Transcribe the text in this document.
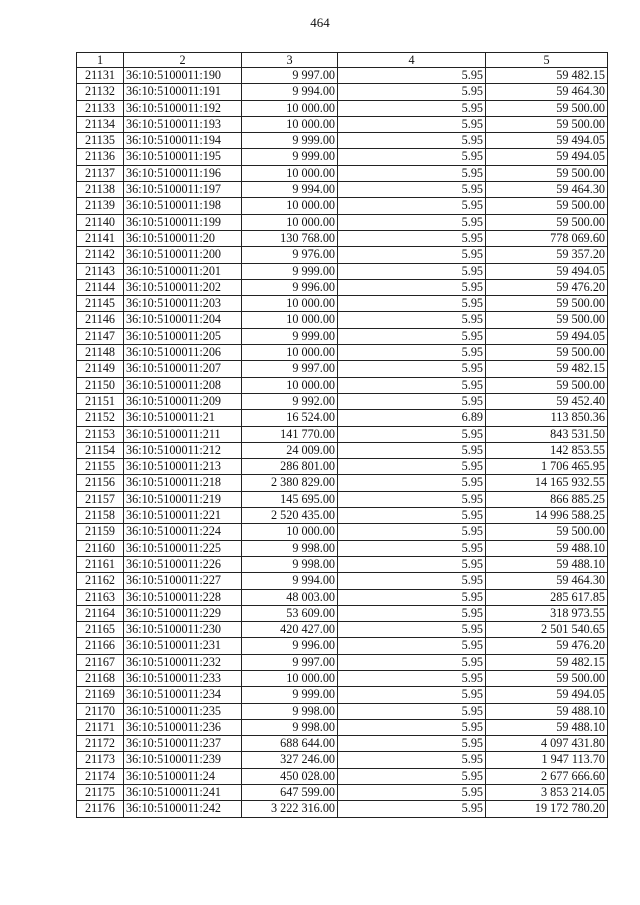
464
1	2	3	4	5
21131	36:10:5100011:190	9 997.00	5.95	59 482.15
21132	36:10:5100011:191	9 994.00	5.95	59 464.30
21133	36:10:5100011:192	10 000.00	5.95	59 500.00
21134	36:10:5100011:193	10 000.00	5.95	59 500.00
21135	36:10:5100011:194	9 999.00	5.95	59 494.05
21136	36:10:5100011:195	9 999.00	5.95	59 494.05
21137	36:10:5100011:196	10 000.00	5.95	59 500.00
21138	36:10:5100011:197	9 994.00	5.95	59 464.30
21139	36:10:5100011:198	10 000.00	5.95	59 500.00
21140	36:10:5100011:199	10 000.00	5.95	59 500.00
21141	36:10:5100011:20	130 768.00	5.95	778 069.60
21142	36:10:5100011:200	9 976.00	5.95	59 357.20
21143	36:10:5100011:201	9 999.00	5.95	59 494.05
21144	36:10:5100011:202	9 996.00	5.95	59 476.20
21145	36:10:5100011:203	10 000.00	5.95	59 500.00
21146	36:10:5100011:204	10 000.00	5.95	59 500.00
21147	36:10:5100011:205	9 999.00	5.95	59 494.05
21148	36:10:5100011:206	10 000.00	5.95	59 500.00
21149	36:10:5100011:207	9 997.00	5.95	59 482.15
21150	36:10:5100011:208	10 000.00	5.95	59 500.00
21151	36:10:5100011:209	9 992.00	5.95	59 452.40
21152	36:10:5100011:21	16 524.00	6.89	113 850.36
21153	36:10:5100011:211	141 770.00	5.95	843 531.50
21154	36:10:5100011:212	24 009.00	5.95	142 853.55
21155	36:10:5100011:213	286 801.00	5.95	1 706 465.95
21156	36:10:5100011:218	2 380 829.00	5.95	14 165 932.55
21157	36:10:5100011:219	145 695.00	5.95	866 885.25
21158	36:10:5100011:221	2 520 435.00	5.95	14 996 588.25
21159	36:10:5100011:224	10 000.00	5.95	59 500.00
21160	36:10:5100011:225	9 998.00	5.95	59 488.10
21161	36:10:5100011:226	9 998.00	5.95	59 488.10
21162	36:10:5100011:227	9 994.00	5.95	59 464.30
21163	36:10:5100011:228	48 003.00	5.95	285 617.85
21164	36:10:5100011:229	53 609.00	5.95	318 973.55
21165	36:10:5100011:230	420 427.00	5.95	2 501 540.65
21166	36:10:5100011:231	9 996.00	5.95	59 476.20
21167	36:10:5100011:232	9 997.00	5.95	59 482.15
21168	36:10:5100011:233	10 000.00	5.95	59 500.00
21169	36:10:5100011:234	9 999.00	5.95	59 494.05
21170	36:10:5100011:235	9 998.00	5.95	59 488.10
21171	36:10:5100011:236	9 998.00	5.95	59 488.10
21172	36:10:5100011:237	688 644.00	5.95	4 097 431.80
21173	36:10:5100011:239	327 246.00	5.95	1 947 113.70
21174	36:10:5100011:24	450 028.00	5.95	2 677 666.60
21175	36:10:5100011:241	647 599.00	5.95	3 853 214.05
21176	36:10:5100011:242	3 222 316.00	5.95	19 172 780.20
